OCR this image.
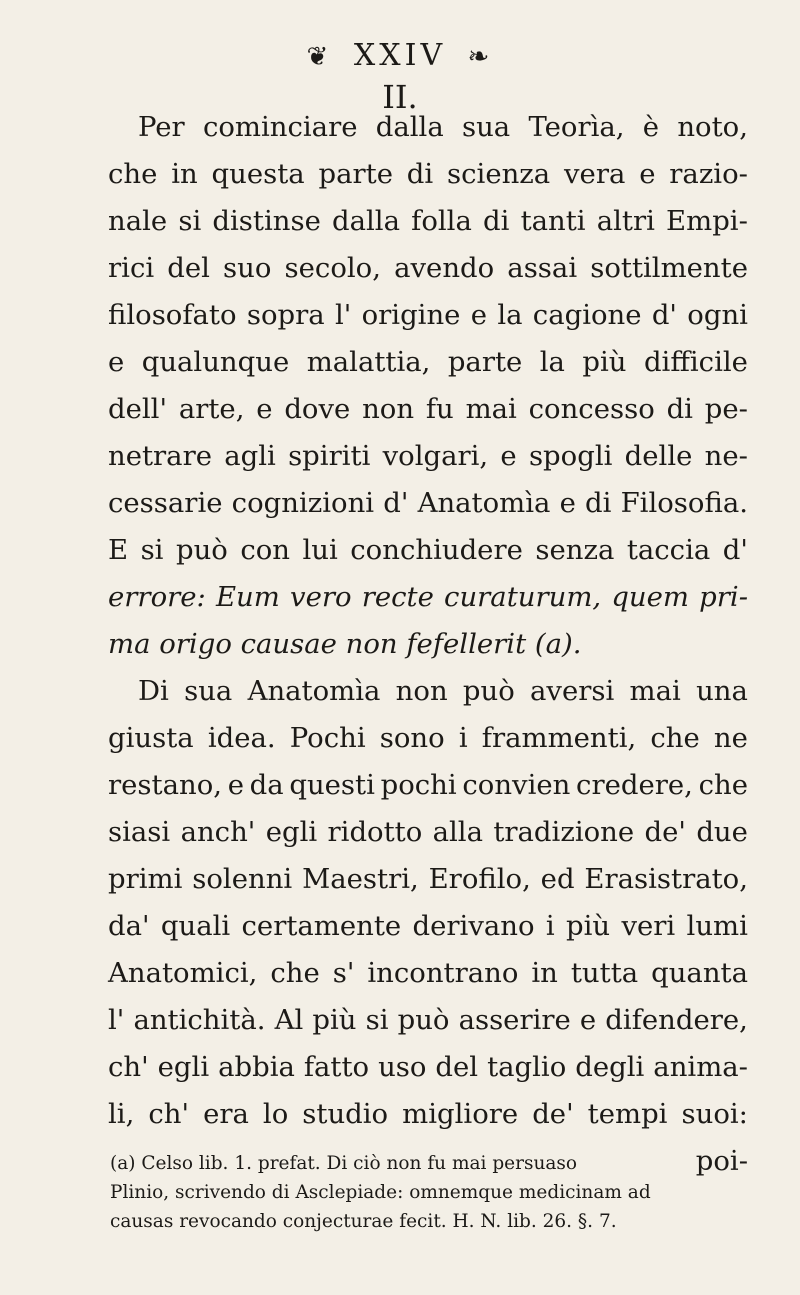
❦ XXIV ❧
II.
Per cominciare dalla sua Teorìa, è noto,
che in questa parte di scienza vera e razio-
nale si distinse dalla folla di tanti altri Empi-
rici del suo secolo, avendo assai sottilmente
filosofato sopra l' origine e la cagione d' ogni
e qualunque malattia, parte la più difficile
dell' arte, e dove non fu mai concesso di pe-
netrare agli spiriti volgari, e spogli delle ne-
cessarie cognizioni d' Anatomìa e di Filosofia.
E si può con lui conchiudere senza taccia d'
errore: Eum vero recte curaturum, quem pri-
ma origo causae non fefellerit (a).
Di sua Anatomìa non può aversi mai una
giusta idea. Pochi sono i frammenti, che ne
restano, e da questi pochi convien credere, che
siasi anch' egli ridotto alla tradizione de' due
primi solenni Maestri, Erofilo, ed Erasistrato,
da' quali certamente derivano i più veri lumi
Anatomici, che s' incontrano in tutta quanta
l' antichità. Al più si può asserire e difendere,
ch' egli abbia fatto uso del taglio degli anima-
li, ch' era lo studio migliore de' tempi suoi:
poi-
(a) Celso lib. 1. prefat. Di ciò non fu mai persuaso
Plinio, scrivendo di Asclepiade: omnemque medicinam ad
causas revocando conjecturae fecit. H. N. lib. 26. §. 7.
